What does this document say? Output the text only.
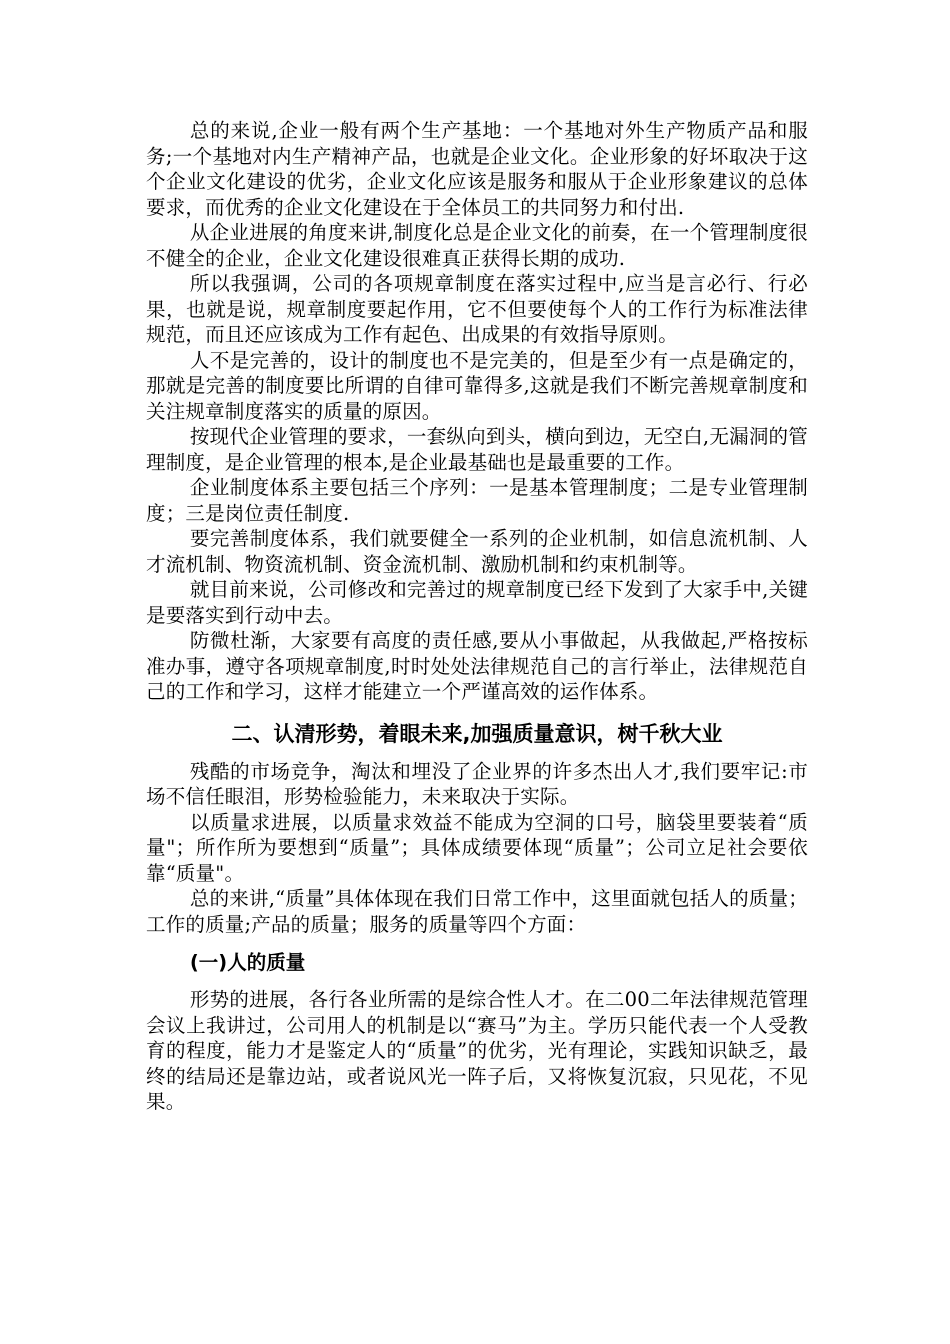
总的来说,企业一般有两个生产基地：一个基地对外生产物质产品和服务;一个基地对内生产精神产品，也就是企业文化。企业形象的好坏取决于这个企业文化建设的优劣，企业文化应该是服务和服从于企业形象建议的总体要求，而优秀的企业文化建设在于全体员工的共同努力和付出.

从企业进展的角度来讲,制度化总是企业文化的前奏，在一个管理制度很不健全的企业，企业文化建设很难真正获得长期的成功.

所以我强调，公司的各项规章制度在落实过程中,应当是言必行、行必果，也就是说，规章制度要起作用，它不但要使每个人的工作行为标准法律规范，而且还应该成为工作有起色、出成果的有效指导原则。

人不是完善的，设计的制度也不是完美的，但是至少有一点是确定的，那就是完善的制度要比所谓的自律可靠得多,这就是我们不断完善规章制度和关注规章制度落实的质量的原因。

按现代企业管理的要求，一套纵向到头，横向到边，无空白,无漏洞的管理制度，是企业管理的根本,是企业最基础也是最重要的工作。

企业制度体系主要包括三个序列：一是基本管理制度；二是专业管理制度；三是岗位责任制度.

要完善制度体系，我们就要健全一系列的企业机制，如信息流机制、人才流机制、物资流机制、资金流机制、激励机制和约束机制等。

就目前来说，公司修改和完善过的规章制度已经下发到了大家手中,关键是要落实到行动中去。

防微杜渐，大家要有高度的责任感,要从小事做起，从我做起,严格按标准办事，遵守各项规章制度,时时处处法律规范自己的言行举止，法律规范自己的工作和学习，这样才能建立一个严谨高效的运作体系。

二、认清形势，着眼未来,加强质量意识，树千秋大业

残酷的市场竞争，淘汰和埋没了企业界的许多杰出人才,我们要牢记:市场不信任眼泪，形势检验能力，未来取决于实际。

以质量求进展，以质量求效益不能成为空洞的口号，脑袋里要装着“质量"；所作所为要想到“质量”；具体成绩要体现“质量”；公司立足社会要依靠“质量"。

总的来讲,“质量”具体体现在我们日常工作中，这里面就包括人的质量；工作的质量;产品的质量；服务的质量等四个方面：

(一)人的质量

形势的进展，各行各业所需的是综合性人才。在二00二年法律规范管理会议上我讲过，公司用人的机制是以“赛马”为主。学历只能代表一个人受教育的程度，能力才是鉴定人的“质量”的优劣，光有理论，实践知识缺乏，最终的结局还是靠边站，或者说风光一阵子后，又将恢复沉寂，只见花，不见果。
